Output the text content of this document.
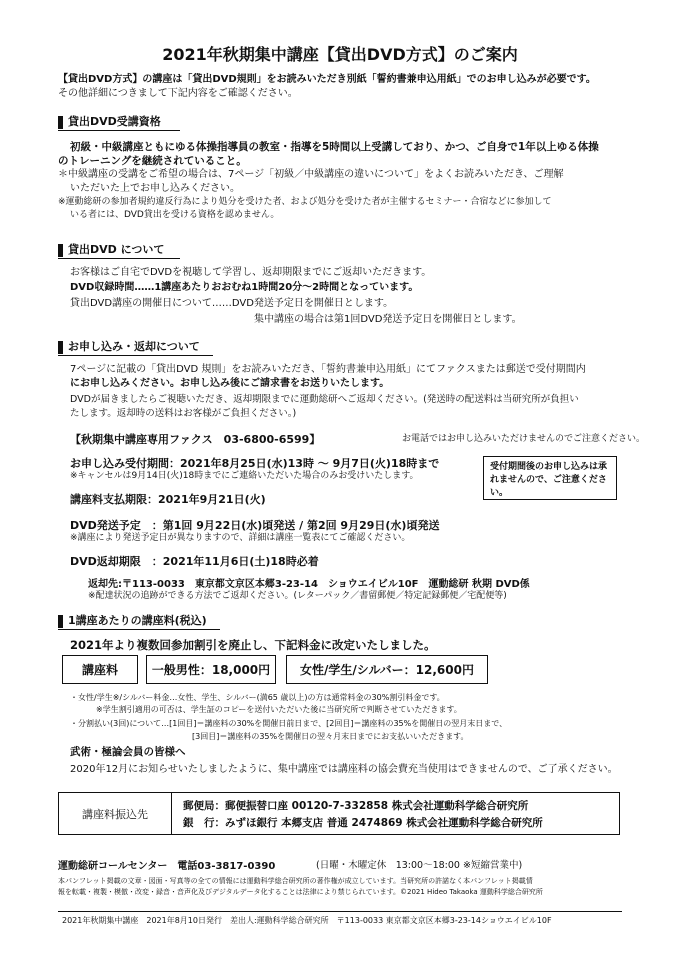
2021年秋期集中講座【貸出DVD方式】のご案内
【貸出DVD方式】の講座は「貸出DVD規則」をお読みいただき別紙「誓約書兼申込用紙」でのお申し込みが必要です。
その他詳細につきまして下記内容をご確認ください。
貸出DVD受講資格
初級・中級講座ともにゆる体操指導員の教室・指導を5時間以上受講しており、かつ、ご自身で1年以上ゆる体操
のトレーニングを継続されていること。
＊中級講座の受講をご希望の場合は、7ページ「初級／中級講座の違いについて」をよくお読みいただき、ご理解
いただいた上でお申し込みください。
※運動総研の参加者規約違反行為により処分を受けた者、および処分を受けた者が主催するセミナー・合宿などに参加して
いる者には、DVD貸出を受ける資格を認めません。
貸出DVD について
お客様はご自宅でDVDを視聴して学習し、返却期限までにご返却いただきます。
DVD収録時間……1講座あたりおおむね1時間20分～2時間となっています。
貸出DVD講座の開催日について……DVD発送予定日を開催日とします。
集中講座の場合は第1回DVD発送予定日を開催日とします。
お申し込み・返却について
7ページに記載の「貸出DVD 規則」をお読みいただき、「誓約書兼申込用紙」にてファクスまたは郵送で受付期間内
にお申し込みください。お申し込み後にご請求書をお送りいたします。
DVDが届きましたらご視聴いただき、返却期限までに運動総研へご返却ください。(発送時の配送料は当研究所が負担い
たします。返却時の送料はお客様がご負担ください。)
【秋期集中講座専用ファクス　03-6800-6599】	お電話ではお申し込みいただけませんのでご注意ください。
お申し込み受付期間：2021年8月25日(水)13時 ～ 9月7日(火)18時まで
※キャンセルは9月14日(火)18時までにご連絡いただいた場合のみお受けいたします。
受付期間後のお申し込みは承れませんので、ご注意ください。
講座料支払期限：2021年9月21日(火)
DVD発送予定　：第1回 9月22日(水)頃発送 / 第2回 9月29日(水)頃発送
※講座により発送予定日が異なりますので、詳細は講座一覧表にてご確認ください。
DVD返却期限　：2021年11月6日(土)18時必着
返却先:〒113-0033　東京都文京区本郷3-23-14　ショウエイビル10F　運動総研 秋期 DVD係
※配達状況の追跡ができる方法でご返却ください。(レターパック／書留郵便／特定記録郵便／宅配便等)
1講座あたりの講座料(税込)
2021年より複数回参加割引を廃止し、下記料金に改定いたしました。
講座料	一般男性：18,000円	女性/学生/シルバー：12,600円
・女性/学生※/シルバー料金…女性、学生、シルバー(満65 歳以上)の方は通常料金の30%割引料金です。
※学生割引適用の可否は、学生証のコピーを送付いただいた後に当研究所で判断させていただきます。
・分割払い(3回)について…[1回目]＝講座料の30%を開催日前日まで、[2回目]＝講座料の35%を開催日の翌月末日まで、
[3回目]＝講座料の35%を開催日の翌々月末日までにお支払いいただきます。
武術・極論会員の皆様へ
2020年12月にお知らせいたしましたように、集中講座では講座料の協会費充当使用はできませんので、ご了承ください。
講座料振込先
郵便局：郵便振替口座 00120-7-332858 株式会社運動科学総合研究所
銀　行：みずほ銀行 本郷支店 普通 2474869 株式会社運動科学総合研究所
運動総研コールセンター　電話03-3817-0390	(日曜・木曜定休　13:00～18:00 ※短縮営業中)
本パンフレット掲載の文章・図面・写真等の全ての情報には運動科学総合研究所の著作権が成立しています。当研究所の許諾なく本パンフレット掲載情
報を転載・複製・模倣・改変・録音・音声化及びデジタルデータ化することは法律により禁じられています。©2021 Hideo Takaoka 運動科学総合研究所
2021年秋期集中講座　2021年8月10日発行　差出人:運動科学総合研究所　〒113-0033 東京都文京区本郷3-23-14ショウエイビル10F
